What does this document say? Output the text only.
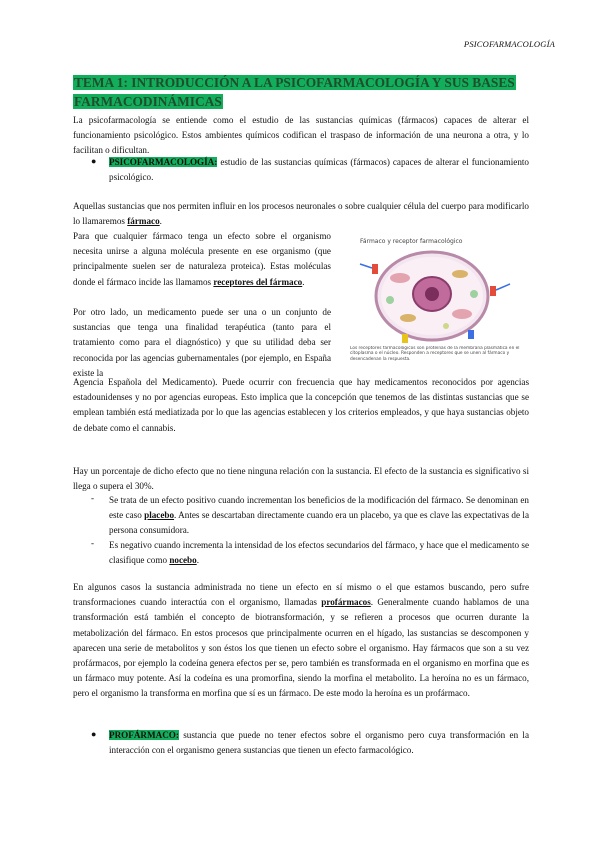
PSICOFARMACOLOGÍA
TEMA 1: INTRODUCCIÓN A LA PSICOFARMACOLOGÍA Y SUS BASES FARMACODINÁMICAS

La psicofarmacología se entiende como el estudio de las sustancias químicas (fármacos) capaces de alterar el funcionamiento psicológico. Estos ambientes químicos codifican el traspaso de información de una neurona a otra, y lo facilitan o dificultan.

● PSICOFARMACOLOGÍA: estudio de las sustancias químicas (fármacos) capaces de alterar el funcionamiento psicológico.

Aquellas sustancias que nos permiten influir en los procesos neuronales o sobre cualquier célula del cuerpo para modificarlo lo llamaremos fármaco.

Para que cualquier fármaco tenga un efecto sobre el organismo necesita unirse a alguna molécula presente en ese organismo (que principalmente suelen ser de naturaleza proteica). Estas moléculas donde el fármaco incide las llamamos receptores del fármaco.

Por otro lado, un medicamento puede ser una o un conjunto de sustancias que tenga una finalidad terapéutica (tanto para el tratamiento como para el diagnóstico) y que su utilidad deba ser reconocida por las agencias gubernamentales (por ejemplo, en España existe la

Agencia Española del Medicamento). Puede ocurrir con frecuencia que hay medicamentos reconocidos por agencias estadounidenses y no por agencias europeas. Esto implica que la concepción que tenemos de las distintas sustancias que se emplean también está mediatizada por lo que las agencias establecen y los criterios empleados, y que haya sustancias objeto de debate como el cannabis.

Fármaco y receptor farmacológico
Los receptores farmacológicos son proteínas de la membrana plasmática en el citoplasma o el núcleo. Responden a receptores que se unen al fármaco y desencadenan la respuesta.

Hay un porcentaje de dicho efecto que no tiene ninguna relación con la sustancia. El efecto de la sustancia es significativo si llega o supera el 30%.

- Se trata de un efecto positivo cuando incrementan los beneficios de la modificación del fármaco. Se denominan en este caso placebo. Antes se descartaban directamente cuando era un placebo, ya que es clave las expectativas de la persona consumidora.

- Es negativo cuando incrementa la intensidad de los efectos secundarios del fármaco, y hace que el medicamento se clasifique como nocebo.

En algunos casos la sustancia administrada no tiene un efecto en sí mismo o el que estamos buscando, pero sufre transformaciones cuando interactúa con el organismo, llamadas profármacos. Generalmente cuando hablamos de una transformación está también el concepto de biotransformación, y se refieren a procesos que ocurren durante la metabolización del fármaco. En estos procesos que principalmente ocurren en el hígado, las sustancias se descomponen y aparecen una serie de metabolitos y son éstos los que tienen un efecto sobre el organismo. Hay fármacos que son a su vez profármacos, por ejemplo la codeína genera efectos per se, pero también es transformada en el organismo en morfina que es un fármaco muy potente. Así la codeína es una promorfina, siendo la morfina el metabolito. La heroína no es un fármaco, pero el organismo la transforma en morfina que sí es un fármaco. De este modo la heroína es un profármaco.

● PROFÁRMACO: sustancia que puede no tener efectos sobre el organismo pero cuya transformación en la interacción con el organismo genera sustancias que tienen un efecto farmacológico.
